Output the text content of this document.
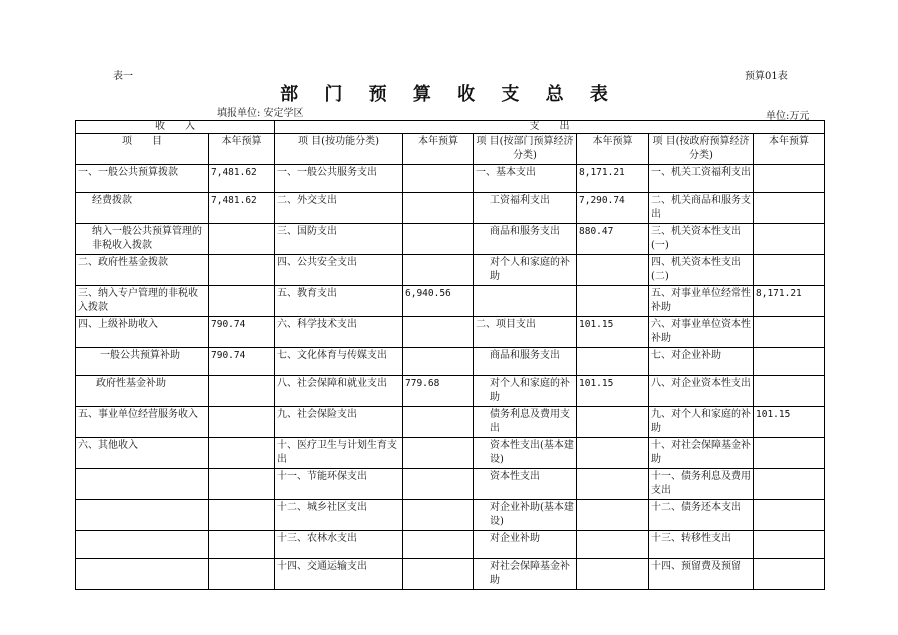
表一	预算01表
部 门 预 算 收 支 总 表
填报单位: 安定学区	单位:万元
收　　入		支　　出					
项　　目	本年预算	项 目(按功能分类)	本年预算	项 目(按部门预算经济分类)	本年预算	项 目(按政府预算经济分类)	本年预算
一、一般公共预算拨款	7,481.62	一、一般公共服务支出		一、基本支出	8,171.21	一、机关工资福利支出	
经费拨款	7,481.62	二、外交支出		工资福利支出	7,290.74	二、机关商品和服务支出	
纳入一般公共预算管理的非税收入拨款		三、国防支出		商品和服务支出	880.47	三、机关资本性支出(一)	
二、政府性基金拨款		四、公共安全支出		对个人和家庭的补助		四、机关资本性支出(二)	
三、纳入专户管理的非税收入拨款		五、教育支出	6,940.56			五、对事业单位经常性补助	8,171.21
四、上级补助收入	790.74	六、科学技术支出		二、项目支出	101.15	六、对事业单位资本性补助	
一般公共预算补助	790.74	七、文化体育与传媒支出		商品和服务支出		七、对企业补助	
政府性基金补助		八、社会保障和就业支出	779.68	对个人和家庭的补助	101.15	八、对企业资本性支出	
五、事业单位经营服务收入		九、社会保险支出		债务利息及费用支出		九、对个人和家庭的补助	101.15
六、其他收入		十、医疗卫生与计划生育支出		资本性支出(基本建设)		十、对社会保障基金补助	
		十一、节能环保支出		资本性支出		十一、债务利息及费用支出	
		十二、城乡社区支出		对企业补助(基本建设)		十二、债务还本支出	
		十三、农林水支出		对企业补助		十三、转移性支出	
		十四、交通运输支出		对社会保障基金补助		十四、预留费及预留	
